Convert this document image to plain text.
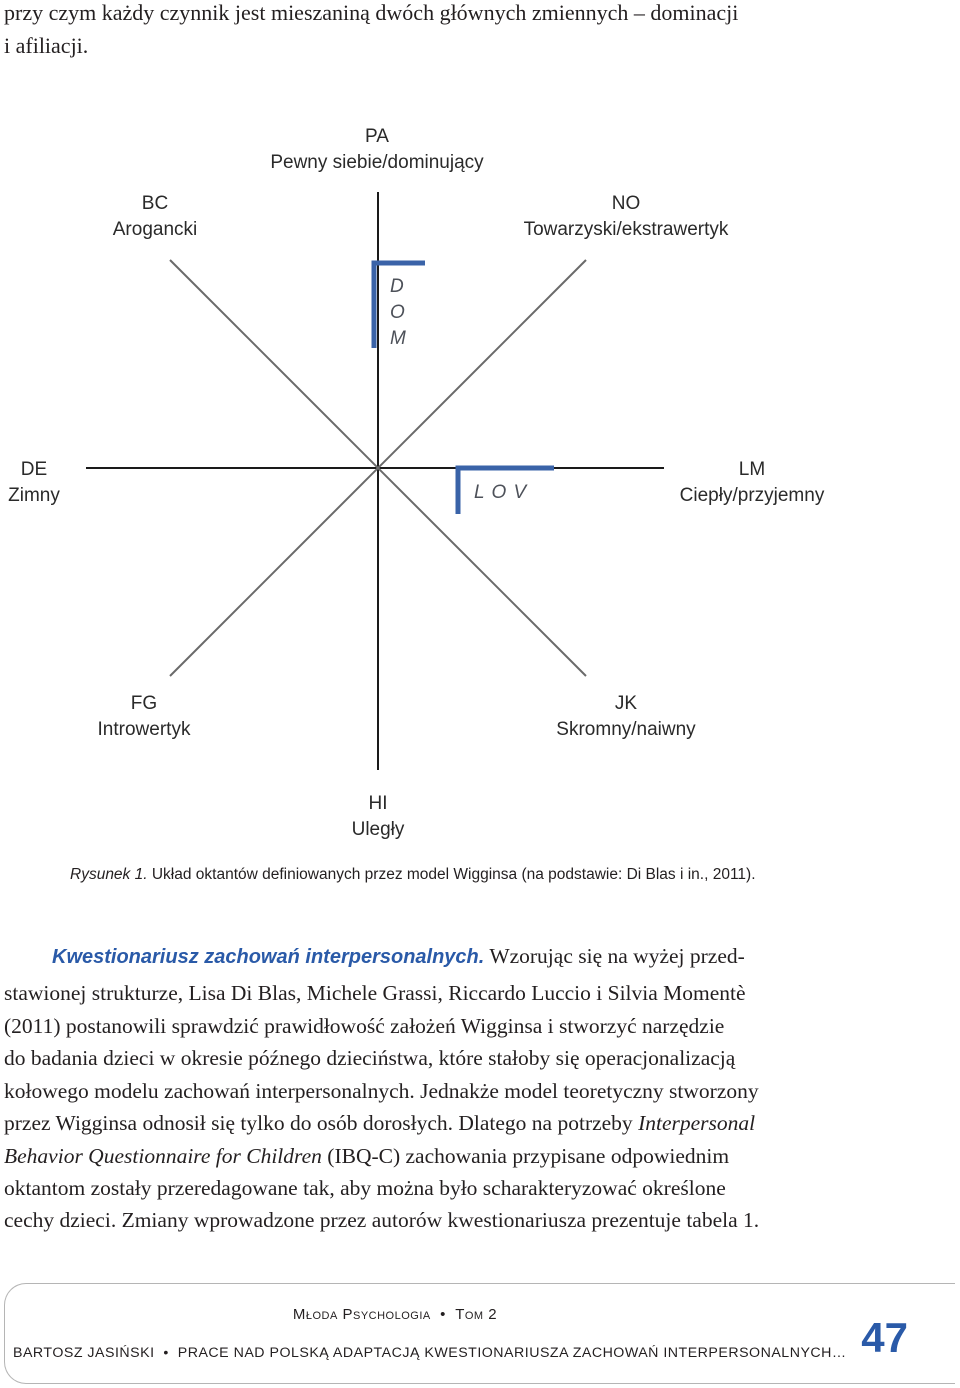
przy czym każdy czynnik jest mieszaniną dwóch głównych zmiennych – dominacji
i afiliacji.
D
O
M
L O V
PA
Pewny siebie/dominujący
BC
Arogancki
NO
Towarzyski/ekstrawertyk
DE
Zimny
LM
Ciepły/przyjemny
FG
Introwertyk
JK
Skromny/naiwny
HI
Uległy
Rysunek 1. Układ oktantów definiowanych przez model Wigginsa (na podstawie: Di Blas i in., 2011).
Kwestionariusz zachowań interpersonalnych. Wzorując się na wyżej przed-
stawionej strukturze, Lisa Di Blas, Michele Grassi, Riccardo Luccio i Silvia Momentè
(2011) postanowili sprawdzić prawidłowość założeń Wigginsa i stworzyć narzędzie
do badania dzieci w okresie późnego dzieciństwa, które stałoby się operacjonalizacją
kołowego modelu zachowań interpersonalnych. Jednakże model teoretyczny stworzony
przez Wigginsa odnosił się tylko do osób dorosłych. Dlatego na potrzeby Interpersonal
Behavior Questionnaire for Children (IBQ-C) zachowania przypisane odpowiednim
oktantom zostały przeredagowane tak, aby można było scharakteryzować określone
cechy dzieci. Zmiany wprowadzone przez autorów kwestionariusza prezentuje tabela 1.
Młoda Psychologia • Tom 2
BARTOSZ JASIŃSKI • PRACE NAD POLSKĄ ADAPTACJĄ KWESTIONARIUSZA ZACHOWAŃ INTERPERSONALNYCH… 47
